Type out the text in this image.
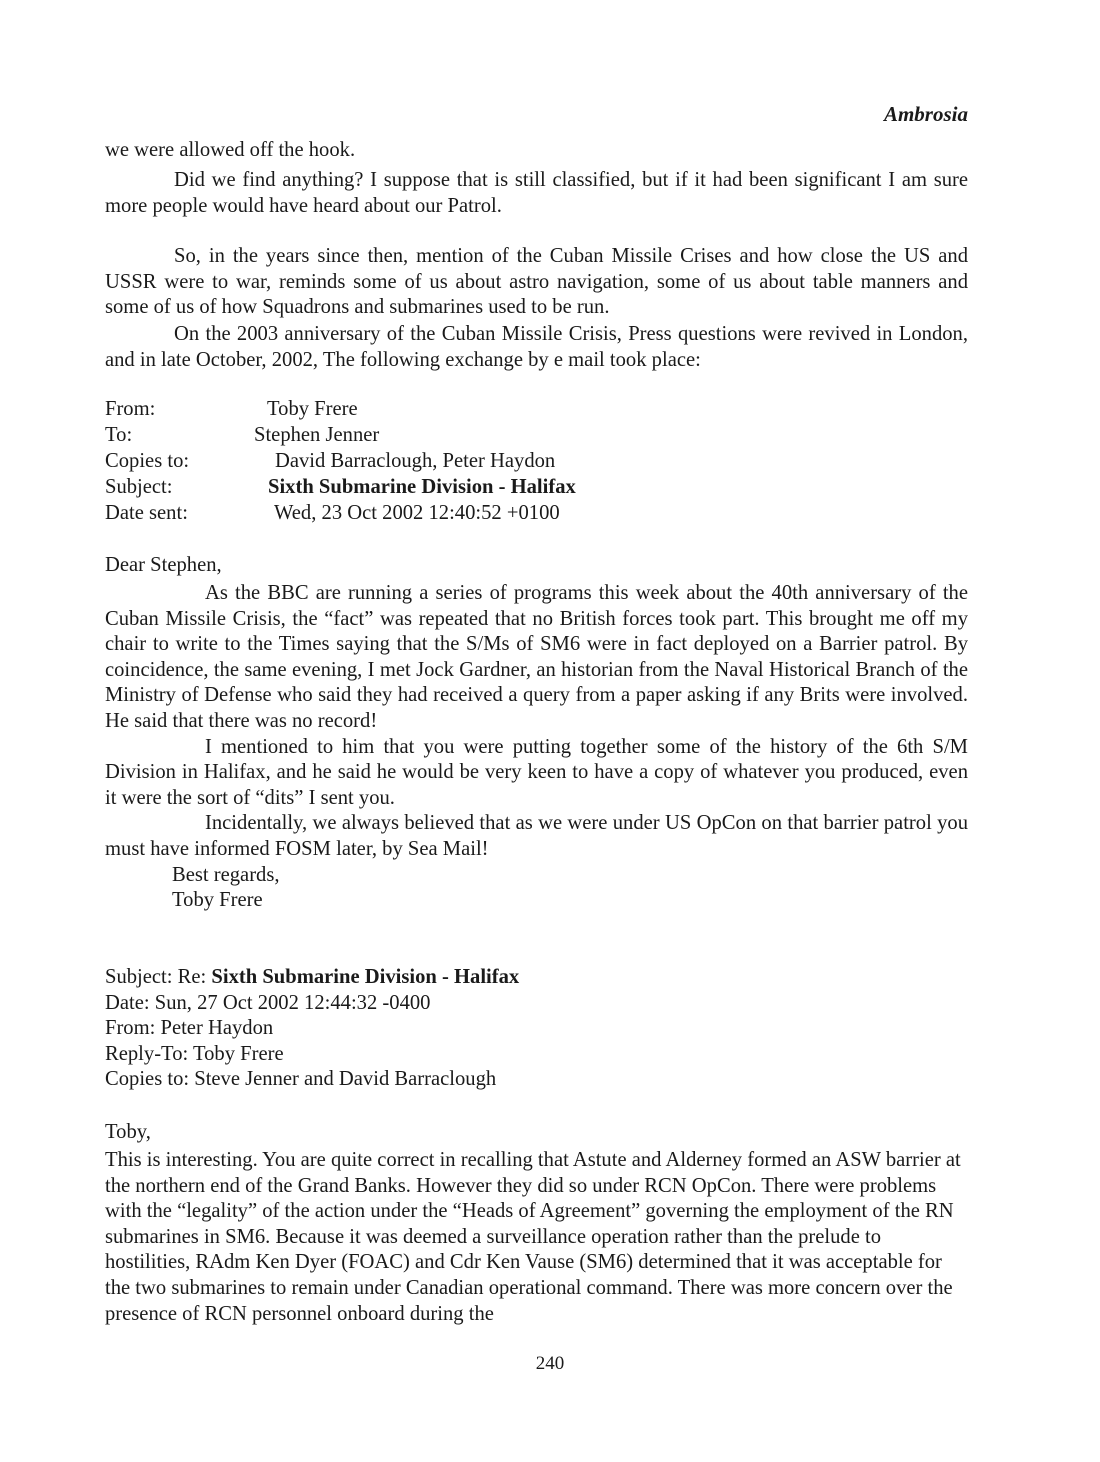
Ambrosia

we were allowed off the hook.

Did we find anything? I suppose that is still classified, but if it had been significant I am sure more people would have heard about our Patrol.

So, in the years since then, mention of the Cuban Missile Crises and how close the US and USSR were to war, reminds some of us about astro navigation, some of us about table manners and some of us of how Squadrons and submarines used to be run.

On the 2003 anniversary of the Cuban Missile Crisis, Press questions were revived in London, and in late October, 2002, The following exchange by e mail took place:

From:	Toby Frere
To:	Stephen Jenner
Copies to:	David Barraclough, Peter Haydon
Subject:	Sixth Submarine Division - Halifax
Date sent:	Wed, 23 Oct 2002 12:40:52 +0100
Dear Stephen,

As the BBC are running a series of programs this week about the 40th anniversary of the Cuban Missile Crisis, the “fact” was repeated that no British forces took part. This brought me off my chair to write to the Times saying that the S/Ms of SM6 were in fact deployed on a Barrier patrol. By coincidence, the same evening, I met Jock Gardner, an historian from the Naval Historical Branch of the Ministry of Defense who said they had received a query from a paper asking if any Brits were involved. He said that there was no record!

I mentioned to him that you were putting together some of the history of the 6th S/M Division in Halifax, and he said he would be very keen to have a copy of whatever you produced, even it were the sort of “dits” I sent you.

Incidentally, we always believed that as we were under US OpCon on that barrier patrol you must have informed FOSM later, by Sea Mail!

Best regards,

Toby Frere

Subject: Re: Sixth Submarine Division - Halifax

Date: Sun, 27 Oct 2002 12:44:32 -0400

From: Peter Haydon

Reply-To: Toby Frere

Copies to: Steve Jenner and David Barraclough

Toby,

This is interesting. You are quite correct in recalling that Astute and Alderney formed an ASW barrier at the northern end of the Grand Banks. However they did so under RCN OpCon. There were problems with the “legality” of the action under the “Heads of Agreement” governing the employment of the RN submarines in SM6. Because it was deemed a surveillance operation rather than the prelude to hostilities, RAdm Ken Dyer (FOAC) and Cdr Ken Vause (SM6) determined that it was acceptable for the two submarines to remain under Canadian operational command. There was more concern over the presence of RCN personnel onboard during the

240
